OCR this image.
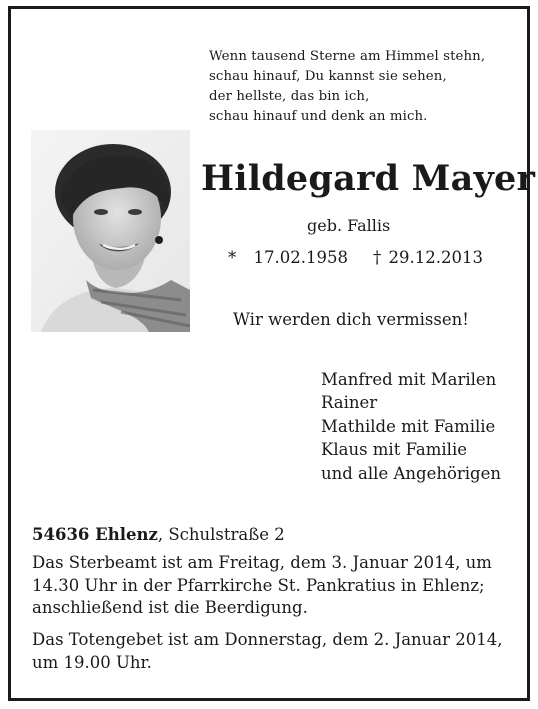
Wenn tausend Sterne am Himmel stehn,
schau hinauf, Du kannst sie sehen,
der hellste, das bin ich,
schau hinauf und denk an mich.
Hildegard Mayer
geb. Fallis
* 17.02.1958 † 29.12.2013
Wir werden dich vermissen!
Manfred mit Marilen
Rainer
Mathilde mit Familie
Klaus mit Familie
und alle Angehörigen
54636 Ehlenz, Schulstraße 2
Das Sterbeamt ist am Freitag, dem 3. Januar 2014, um
14.30 Uhr in der Pfarrkirche St. Pankratius in Ehlenz;
anschließend ist die Beerdigung.
Das Totengebet ist am Donnerstag, dem 2. Januar 2014,
um 19.00 Uhr.
